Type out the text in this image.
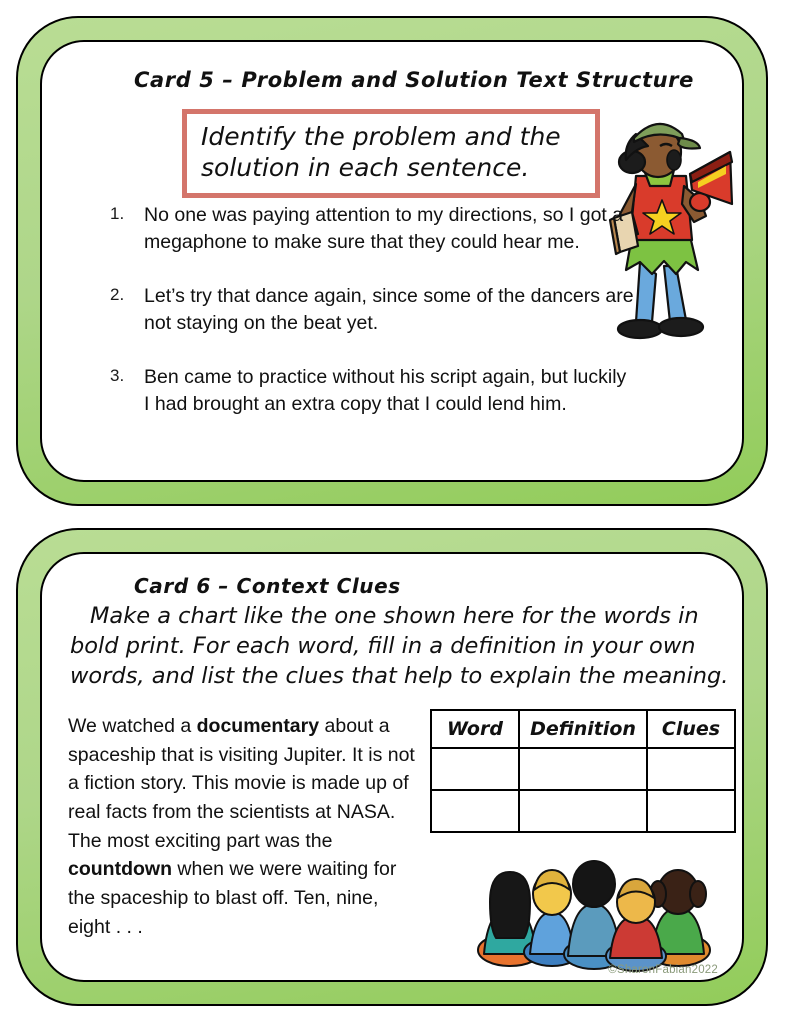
Card 5 – Problem and Solution Text Structure
Identify the problem and the solution in each sentence.
1.	No one was paying attention to my directions, so I got a megaphone to make sure that they could hear me.
2.	Let’s try that dance again, since some of the dancers are not staying on the beat yet.
3.	Ben came to practice without his script again, but luckily I had brought an extra copy that I could lend him.
Card 6 – Context Clues
Make a chart like the one shown here for the words in bold print. For each word, fill in a definition in your own words, and list the clues that help to explain the meaning.
We watched a documentary about a spaceship that is visiting Jupiter. It is not a fiction story. This movie is made up of real facts from the scientists at NASA. The most exciting part was the countdown when we were waiting for the spaceship to blast off. Ten, nine, eight . . .
Word	Definition	Clues

©SharonFabian2022
